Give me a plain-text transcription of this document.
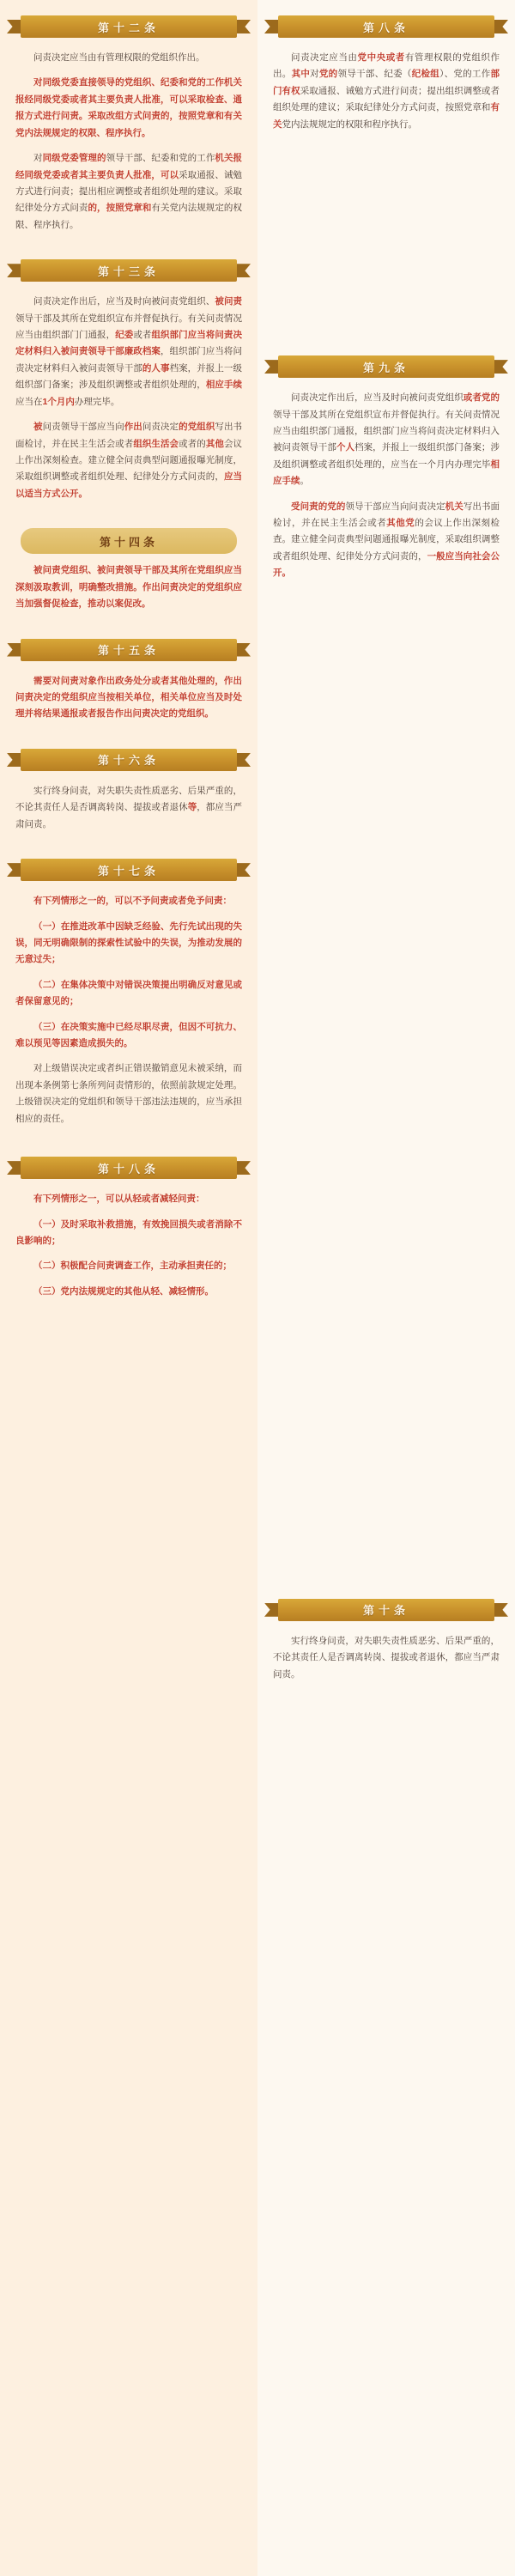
第十二条

问责决定应当由有管理权限的党组织作出。

对同级党委直接领导的党组织、纪委和党的工作机关报经同级党委或者其主要负责人批准，可以采取检查、通报方式进行问责。采取改组方式问责的，按照党章和有关党内法规规定的权限、程序执行。

对同级党委管理的领导干部、纪委和党的工作机关报经同级党委或者其主要负责人批准，可以采取通报、诫勉方式进行问责；提出相应调整或者组织处理的建议。采取纪律处分方式问责的，按照党章和有关党内法规规定的权限、程序执行。

第十三条

问责决定作出后，应当及时向被问责党组织、被问责领导干部及其所在党组织宣布并督促执行。有关问责情况应当由组织部门门通报，纪委或者组织部门应当将问责决定材料归入被问责领导干部廉政档案，组织部门应当将问责决定材料归入被问责领导干部的人事档案，并报上一级组织部门备案；涉及组织调整或者组织处理的，相应手续应当在1个月内办理完毕。

被问责领导干部应当向作出问责决定的党组织写出书面检讨，并在民主生活会或者组织生活会或者的其他会议上作出深刻检查。建立健全问责典型问题通报曝光制度，采取组织调整或者组织处理、纪律处分方式问责的，应当以适当方式公开。

第十四条

被问责党组织、被问责领导干部及其所在党组织应当深刻汲取教训，明确整改措施。作出问责决定的党组织应当加强督促检查，推动以案促改。

第十五条

需要对问责对象作出政务处分或者其他处理的，作出问责决定的党组织应当按相关单位，相关单位应当及时处理并将结果通报或者报告作出问责决定的党组织。

第十六条

实行终身问责，对失职失责性质恶劣、后果严重的，不论其责任人是否调离转岗、提拔或者退休等，都应当严肃问责。

第十七条

有下列情形之一的，可以不予问责或者免予问责：

（一）在推进改革中因缺乏经验、先行先试出现的失误，同无明确限制的探索性试验中的失误，为推动发展的无意过失；

（二）在集体决策中对错误决策提出明确反对意见或者保留意见的；

（三）在决策实施中已经尽职尽责，但因不可抗力、难以预见等因素造成损失的。

对上级错误决定或者纠正错误撤销意见未被采纳，而出现本条例第七条所列问责情形的，依照前款规定处理。上级错误决定的党组织和领导干部违法违规的，应当承担相应的责任。

第十八条

有下列情形之一，可以从轻或者减轻问责：

（一）及时采取补救措施，有效挽回损失或者消除不良影响的；

（二）积极配合问责调查工作，主动承担责任的；

（三）党内法规规定的其他从轻、减轻情形。

第八条

问责决定应当由党中央或者有管理权限的党组织作出。其中对党的领导干部、纪委（纪检组）、党的工作部门有权采取通报、诫勉方式进行问责；提出组织调整或者组织处理的建议；采取纪律处分方式问责，按照党章和有关党内法规规定的权限和程序执行。

第九条

问责决定作出后，应当及时向被问责党组织或者党的领导干部及其所在党组织宣布并督促执行。有关问责情况应当由组织部门通报，组织部门应当将问责决定材料归入被问责领导干部个人档案，并报上一级组织部门备案；涉及组织调整或者组织处理的，应当在一个月内办理完毕相应手续。

受问责的党的领导干部应当向问责决定机关写出书面检讨，并在民主生活会或者其他党的会议上作出深刻检查。建立健全问责典型问题通报曝光制度，采取组织调整或者组织处理、纪律处分方式问责的，一般应当向社会公开。

第十条

实行终身问责，对失职失责性质恶劣、后果严重的，不论其责任人是否调离转岗、提拔或者退休，都应当严肃问责。
